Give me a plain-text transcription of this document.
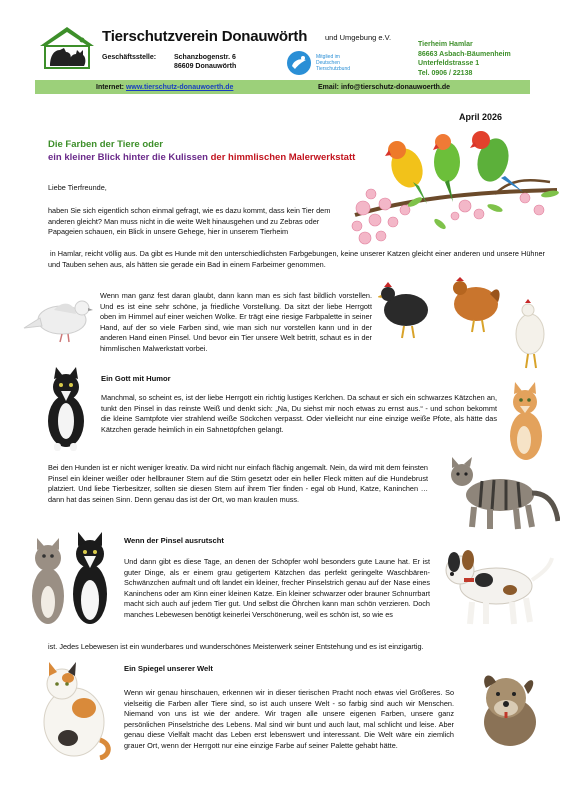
Tierschutzverein Donauwörth und Umgebung e.V.
Geschäftsstelle:	Schanzbogenstr. 6
86609 Donauwörth
Mitglied im
Deutschen
Tierschutzbund
Tierheim Hamlar
86663 Asbach-Bäumenheim
Unterfeldstrasse 1
Tel. 0906 / 22138
Internet: www.tierschutz-donauwoerth.de	Email: info@tierschutz-donauwoerth.de
April 2026
Die Farben der Tiere oder
ein kleiner Blick hinter die Kulissen der himmlischen Malerwerkstatt

Liebe Tierfreunde,

haben Sie sich eigentlich schon einmal gefragt, wie es dazu kommt, dass kein Tier dem anderen gleicht? Man muss nicht in die weite Welt hinausgehen und zu Zebras oder Papageien schauen, ein Blick in unsere Gehege, hier in unserem Tierheim

in Hamlar, reicht völlig aus. Da gibt es Hunde mit den unterschiedlichsten Farbgebungen, keine unserer Katzen gleicht einer anderen und unsere Hühner und Tauben sehen aus, als hätten sie gerade ein Bad in einem Farbeimer genommen.

Wenn man ganz fest daran glaubt, dann kann man es sich fast bildlich vorstellen. Und es ist eine sehr schöne, ja friedliche Vorstellung. Da sitzt der liebe Herrgott oben im Himmel auf einer weichen Wolke. Er trägt eine riesige Farbpalette in seiner Hand, auf der so viele Farben sind, wie man sich nur vorstellen kann und in der anderen Hand einen Pinsel. Und bevor ein Tier unsere Welt betritt, schaut es in der himmlischen Malwerkstatt vorbei.

Ein Gott mit Humor

Manchmal, so scheint es, ist der liebe Herrgott ein richtig lustiges Kerlchen. Da schaut er sich ein schwarzes Kätzchen an, tunkt den Pinsel in das reinste Weiß und denkt sich: „Na, Du siehst mir noch etwas zu ernst aus.“ - und schon bekommt die kleine Samtpfote vier strahlend weiße Söckchen verpasst. Oder vielleicht nur eine einzige weiße Pfote, als hätte das Kätzchen gerade heimlich in ein Sahnetöpfchen gelangt.

Bei den Hunden ist er nicht weniger kreativ. Da wird nicht nur einfach flächig angemalt. Nein, da wird mit dem feinsten Pinsel ein kleiner weißer oder hellbrauner Stern auf die Stirn gesetzt oder ein heller Fleck mitten auf die Hundebrust platziert. Und liebe Tierbesitzer, sollten sie diesen Stern auf ihrem Tier finden - egal ob Hund, Katze, Kaninchen … dann hat das seinen Sinn. Denn genau das ist der Ort, wo man kraulen muss.

Wenn der Pinsel ausrutscht

Und dann gibt es diese Tage, an denen der Schöpfer wohl besonders gute Laune hat. Er ist guter Dinge, als er einem grau getigertem Kätzchen das perfekt geringelte Waschbären-Schwänzchen aufmalt und oft landet ein kleiner, frecher Pinselstrich genau auf der Nase eines Kaninchens oder am Kinn einer kleinen Katze. Ein kleiner schwarzer oder brauner Schnurrbart macht sich auch auf jedem Tier gut. Und selbst die Öhrchen kann man schön verzieren. Doch manches Lebewesen benötigt keinerlei Verschönerung, weil es schön ist, so wie es

ist. Jedes Lebewesen ist ein wunderbares und wunderschönes Meisterwerk seiner Entstehung und es ist einzigartig.

Ein Spiegel unserer Welt

Wenn wir genau hinschauen, erkennen wir in dieser tierischen Pracht noch etwas viel Größeres. So vielseitig die Farben aller Tiere sind, so ist auch unsere Welt - so farbig sind auch wir Menschen. Niemand von uns ist wie der andere. Wir tragen alle unsere eigenen Farben, unsere ganz persönlichen Pinselstriche des Lebens. Mal sind wir bunt und auch laut, mal schlicht und leise. Aber genau diese Vielfalt macht das Leben erst lebenswert und interessant. Die Welt wäre ein ziemlich grauer Ort, wenn der Herrgott nur eine einzige Farbe auf seiner Palette gehabt hätte.
